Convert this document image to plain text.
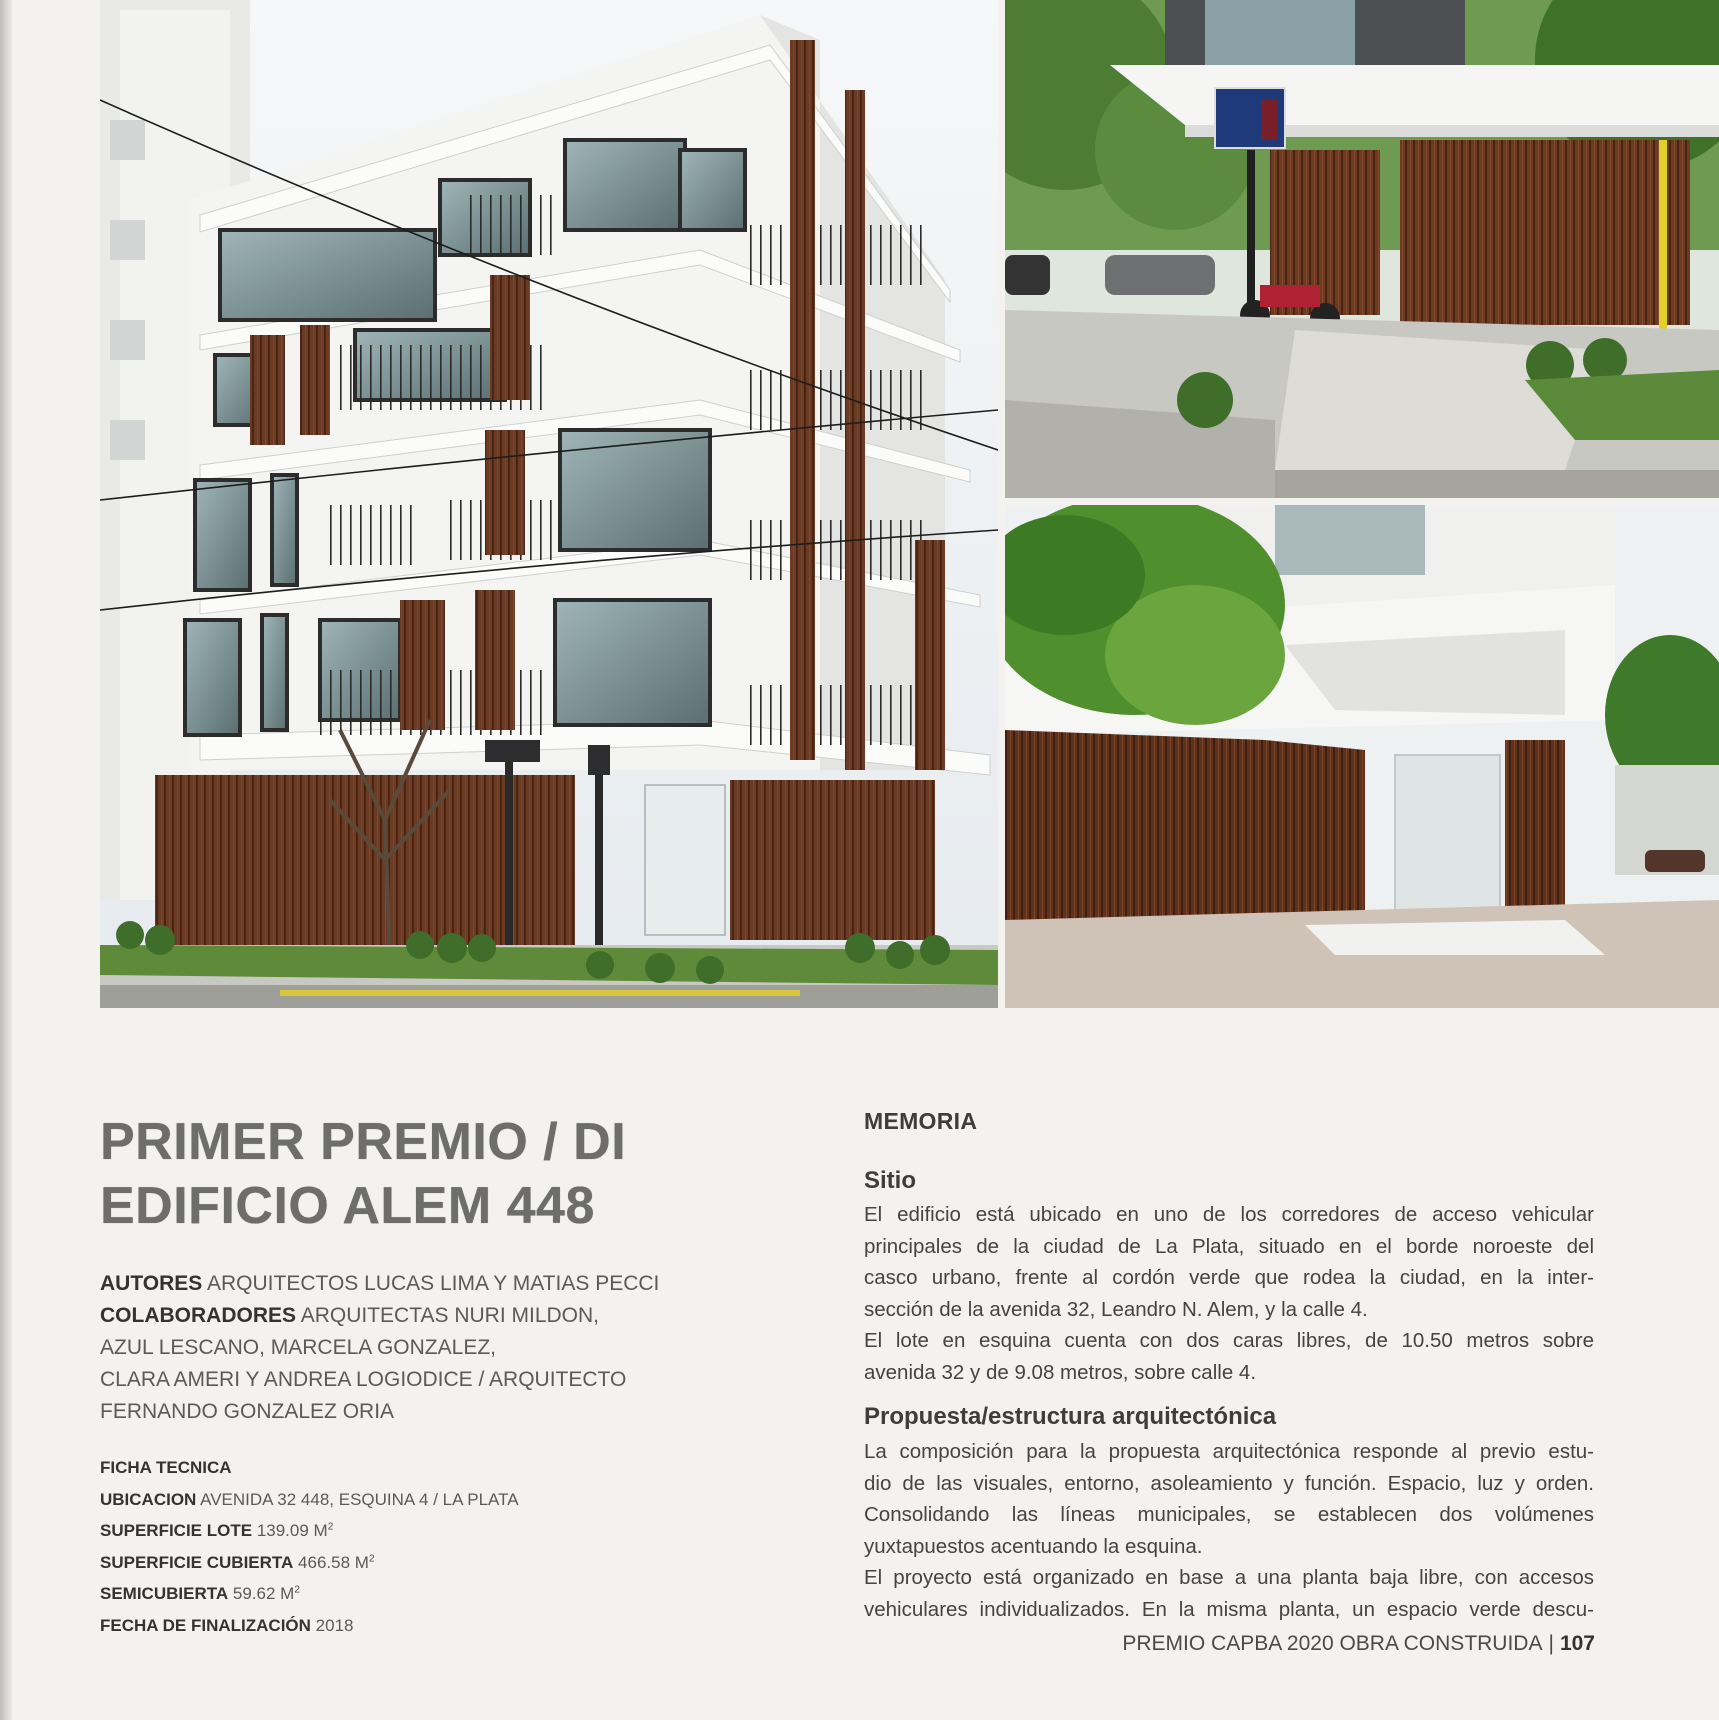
PRIMER PREMIO / DI
EDIFICIO ALEM 448
AUTORES ARQUITECTOS LUCAS LIMA Y MATIAS PECCI
COLABORADORES ARQUITECTAS NURI MILDON,
AZUL LESCANO, MARCELA GONZALEZ,
CLARA AMERI Y ANDREA LOGIODICE / ARQUITECTO
FERNANDO GONZALEZ ORIA
FICHA TECNICA
UBICACION AVENIDA 32 448, ESQUINA 4 / LA PLATA
SUPERFICIE LOTE 139.09 $M^2$
SUPERFICIE CUBIERTA 466.58 $M^2$
SEMICUBIERTA 59.62 $M^2$
FECHA DE FINALIZACIÓN 2018
MEMORIA
Sitio
El edificio está ubicado en uno de los corredores de acceso vehicular
principales de la ciudad de La Plata, situado en el borde noroeste del
casco urbano, frente al cordón verde que rodea la ciudad, en la inter-
sección de la avenida 32, Leandro N. Alem, y la calle 4.
El lote en esquina cuenta con dos caras libres, de 10.50 metros sobre
avenida 32 y de 9.08 metros, sobre calle 4.
Propuesta/estructura arquitectónica
La composición para la propuesta arquitectónica responde al previo estu-
dio de las visuales, entorno, asoleamiento y función. Espacio, luz y orden.
Consolidando las líneas municipales, se establecen dos volúmenes
yuxtapuestos acentuando la esquina.
El proyecto está organizado en base a una planta baja libre, con accesos
vehiculares individualizados. En la misma planta, un espacio verde descu-
PREMIO CAPBA 2020 OBRA CONSTRUIDA | 107
